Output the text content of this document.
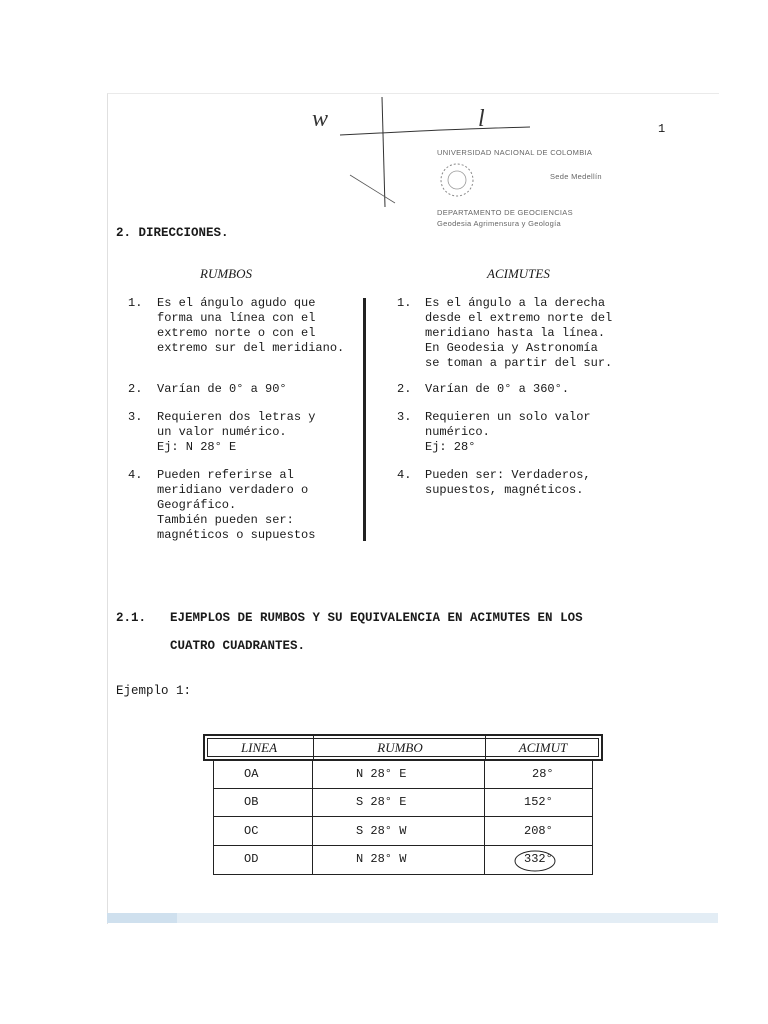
w	l	1
UNIVERSIDAD NACIONAL DE COLOMBIA
Sede Medellín
DEPARTAMENTO DE GEOCIENCIAS
Geodesia Agrimensura y Geología
2. DIRECCIONES.
RUMBOS	ACIMUTES
1. Es el ángulo agudo que
forma una línea con el
extremo norte o con el
extremo sur del meridiano.
2. Varían de 0° a 90°
3. Requieren dos letras y
un valor numérico.
Ej: N 28° E
4. Pueden referirse al
meridiano verdadero o
Geográfico.
También pueden ser:
magnéticos o supuestos
1. Es el ángulo a la derecha
desde el extremo norte del
meridiano hasta la línea.
En Geodesia y Astronomía
se toman a partir del sur.
2. Varían de 0° a 360°.
3. Requieren un solo valor
numérico.
Ej: 28°
4. Pueden ser: Verdaderos,
supuestos, magnéticos.
2.1. EJEMPLOS DE RUMBOS Y SU EQUIVALENCIA EN ACIMUTES EN LOS
CUATRO CUADRANTES.
Ejemplo 1:
LINEA	RUMBO	ACIMUT
OA	N 28° E	28°
OB	S 28° E	152°
OC	S 28° W	208°
OD	N 28° W	332°
